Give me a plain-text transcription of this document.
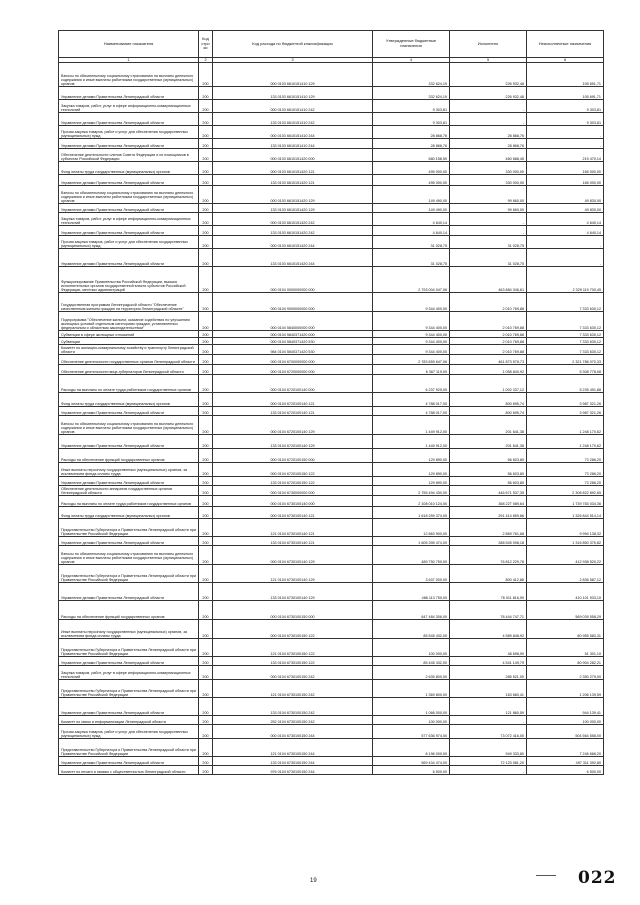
Наименование показателя	Код стро ки	Код расхода по бюджетной классификации	Утвержденные бюджетные назначения	Исполнено	Неисполненные назначения
1	2	3	4	5	6
Взносы по обязательному социальному страхованию на выплаты денежного содержания и иные выплаты работникам государственных (муниципальных) органов	200	000 0103 6610151410 129	332 624,19	226 932,48	105 691,71
Управление делами Правительства Ленинградской области	200	133 0103 6610151410 129	332 624,19	226 932,48	105 691,71
Закупка товаров, работ, услуг в сфере информационно-коммуникационных технологий	200	000 0103 6610151410 242	9 303,81	-	9 303,81
Управление делами Правительства Ленинградской области	200	133 0103 6610151410 242	9 303,81	-	9 303,81
Прочая закупка товаров, работ и услуг для обеспечения государственных (муниципальных) нужд	200	000 0103 6610151410 244	28 868,76	28 868,76	-
Управление делами Правительства Ленинградской области	200	133 0103 6610151410 244	28 868,76	28 868,76	-
Обеспечение деятельности членов Совета Федерации и их помощников в субъектах Российской Федерации	200	000 0103 6610151420 000	680 158,59	460 688,45	219 470,14
Фонд оплаты труда государственных (муниципальных) органов	200	000 0103 6610151420 121	495 000,00	330 000,00	165 000,00
Управление делами Правительства Ленинградской области	200	133 0103 6610151420 121	495 000,00	330 000,00	165 000,00
Взносы по обязательному социальному страхованию на выплаты денежного содержания и иные выплаты работникам государственных (муниципальных) органов	200	000 0103 6610151420 129	149 490,00	99 660,00	49 830,00
Управление делами Правительства Ленинградской области	200	133 0103 6610151420 129	149 490,00	99 660,00	49 830,00
Закупка товаров, работ, услуг в сфере информационно-коммуникационных технологий	200	000 0103 6610151420 242	4 640,14	-	4 640,14
Управление делами Правительства Ленинградской области	200	133 0103 6610151420 242	4 640,14	-	4 640,14
Прочая закупка товаров, работ и услуг для обеспечения государственных (муниципальных) нужд	200	000 0103 6610151420 244	31 028,75	31 028,75	-
Управление делами Правительства Ленинградской области	200	133 0103 6610151420 244	31 028,75	31 028,75	-
Функционирование Правительства Российской Федерации, высших исполнительных органов государственной власти субъектов Российской Федерации, местных администраций	200	000 0104 0000000000 000	2 793 004 047,06	463 884 346,61	2 329 119 700,45
Государственная программа Ленинградской области "Обеспечение качественным жильем граждан на территории Ленинградской области"	200	000 0104 9000000000 000	9 344 400,00	2 010 769,88	7 333 630,12
Подпрограмма "Обеспечение жильем, оказание содействия по улучшению жилищных условий отдельным категориям граждан, установленных федеральным и областным законодательством"	200	000 0104 5840000000 000	9 344 400,00	2 010 769,88	7 333 630,12
Субвенции в сфере жилищных отношений	200	000 0104 5840371420 000	9 344 400,00	2 010 769,88	7 333 630,12
Субвенции	200	000 0104 5840371420 530	9 344 400,00	2 010 769,88	7 333 630,12
Комитет по жилищно-коммунальному хозяйству и транспорту Ленинградской области	200	984 0104 5840371420 530	9 344 400,00	2 010 769,88	7 333 630,12
Обеспечение деятельности государственных органов Ленинградской области	200	000 0104 6700000000 000	2 783 659 647,06	461 873 576,73	2 321 786 070,33
Обеспечение деятельности вице-губернаторов Ленинградской области	200	000 0104 6720000000 000	6 367 119,00	1 058 840,92	5 308 778,08
Расходы на выплаты по оплате труда работников государственных органов	200	000 0104 6720100140 000	6 237 929,00	1 002 337,12	5 235 491,88
Фонд оплаты труда государственных (муниципальных) органов	200	000 0104 6720100140 121	4 788 017,00	800 695,74	3 987 321,26
Управление делами Правительства Ленинградской области	200	133 0104 6720100140 121	4 788 017,00	800 695,74	3 987 321,26
Взносы по обязательному социальному страхованию на выплаты денежного содержания и иные выплаты работникам государственных (муниципальных) органов	200	000 0104 6720100140 129	1 449 912,00	201 641,38	1 248 170,62
Управление делами Правительства Ленинградской области	200	133 0104 6720100140 129	1 449 912,00	201 641,38	1 248 170,62
Расходы на обеспечение функций государственных органов	200	000 0104 6720100150 000	129 890,00	56 603,80	73 286,20
Иные выплаты персоналу государственных (муниципальных) органов, за исключением фонда оплаты труда	200	000 0104 6720100150 122	129 890,00	56 603,80	73 286,20
Управление делами Правительства Ленинградской области	200	133 0104 6720100150 122	129 890,00	56 603,80	73 286,20
Обеспечение деятельности аппаратов государственных органов Ленинградской области	200	000 0104 6730000000 000	2 755 494 430,00	446 671 537,35	2 308 822 892,65
Расходы на выплаты по оплате труда работников государственных органов	200	000 0104 6730100140 000	2 108 010 124,00	368 227 089,64	1 739 783 034,36
Фонд оплаты труда государственных (муниципальных) органов	200	000 0104 6730100140 121	1 618 259 374,00	291 414 859,86	1 326 844 514,14
Представительство Губернатора и Правительства Ленинградской области при Правительстве Российской Федерации	200	121 0104 6730100140 121	12 863 900,00	2 869 761,68	9 994 138,32
Управление делами Правительства Ленинградской области	200	133 0104 6730100140 121	1 605 395 474,00	288 545 098,18	1 316 850 375,82
Взносы по обязательному социальному страхованию на выплаты денежного содержания и иные выплаты работникам государственных (муниципальных) органов	200	000 0104 6730100140 129	489 750 750,00	76 812 229,78	412 938 520,22
Представительство Губернатора и Правительства Ленинградской области при Правительстве Российской Федерации	200	121 0104 6730100140 129	3 637 000,00	800 412,88	2 836 587,12
Управление делами Правительства Ленинградской области	200	133 0104 6730100140 129	486 113 750,00	76 011 816,90	410 101 933,10
Расходы на обеспечение функций государственных органов	200	000 0104 6730100150 000	647 484 306,00	78 444 747,71	569 039 558,29
Иные выплаты персоналу государственных (муниципальных) органов, за исключением фонда оплаты труда	200	000 0104 6730100150 122	85 545 432,00	4 589 848,92	80 955 583,31
Представительство Губернатора и Правительства Ленинградской области при Правительстве Российской Федерации	200	121 0104 6730100150 122	100 000,00	48 698,90	51 301,10
Управление делами Правительства Ленинградской области	200	133 0104 6730100150 122	85 445 432,00	4 541 149,79	80 904 282,21
Закупка товаров, работ, услуг в сфере информационно-коммуникационных технологий	200	000 0104 6730100150 242	2 635 800,00	285 521,00	2 350 279,00
Представительство Губернатора и Правительства Ленинградской области при Правительстве Российской Федерации	200	121 0104 6730100150 242	1 369 800,00	163 660,41	1 206 139,59
Управление делами Правительства Ленинградской области	200	133 0104 6730100150 242	1 066 000,00	121 860,59	944 139,41
Комитет по связи и информатизации Ленинградской области	200	252 0104 6730100150 242	100 000,00	-	100 000,00
Прочая закупка товаров, работ и услуг для обеспечения государственных (муниципальных) нужд	200	000 0104 6730100150 244	577 636 974,00	73 072 416,00	504 564 558,00
Представительство Губернатора и Правительства Ленинградской области при Правительстве Российской Федерации	200	121 0104 6730100150 244	8 196 000,00	949 333,80	7 246 666,20
Управление делами Правительства Ленинградской области	200	133 0104 6730100150 244	569 434 474,00	72 123 081,20	497 311 392,80
Комитет по печати и связям с общественностью Ленинградской области	200	976 0104 6730100150 244	6 500,00	-	6 500,00
19	022
